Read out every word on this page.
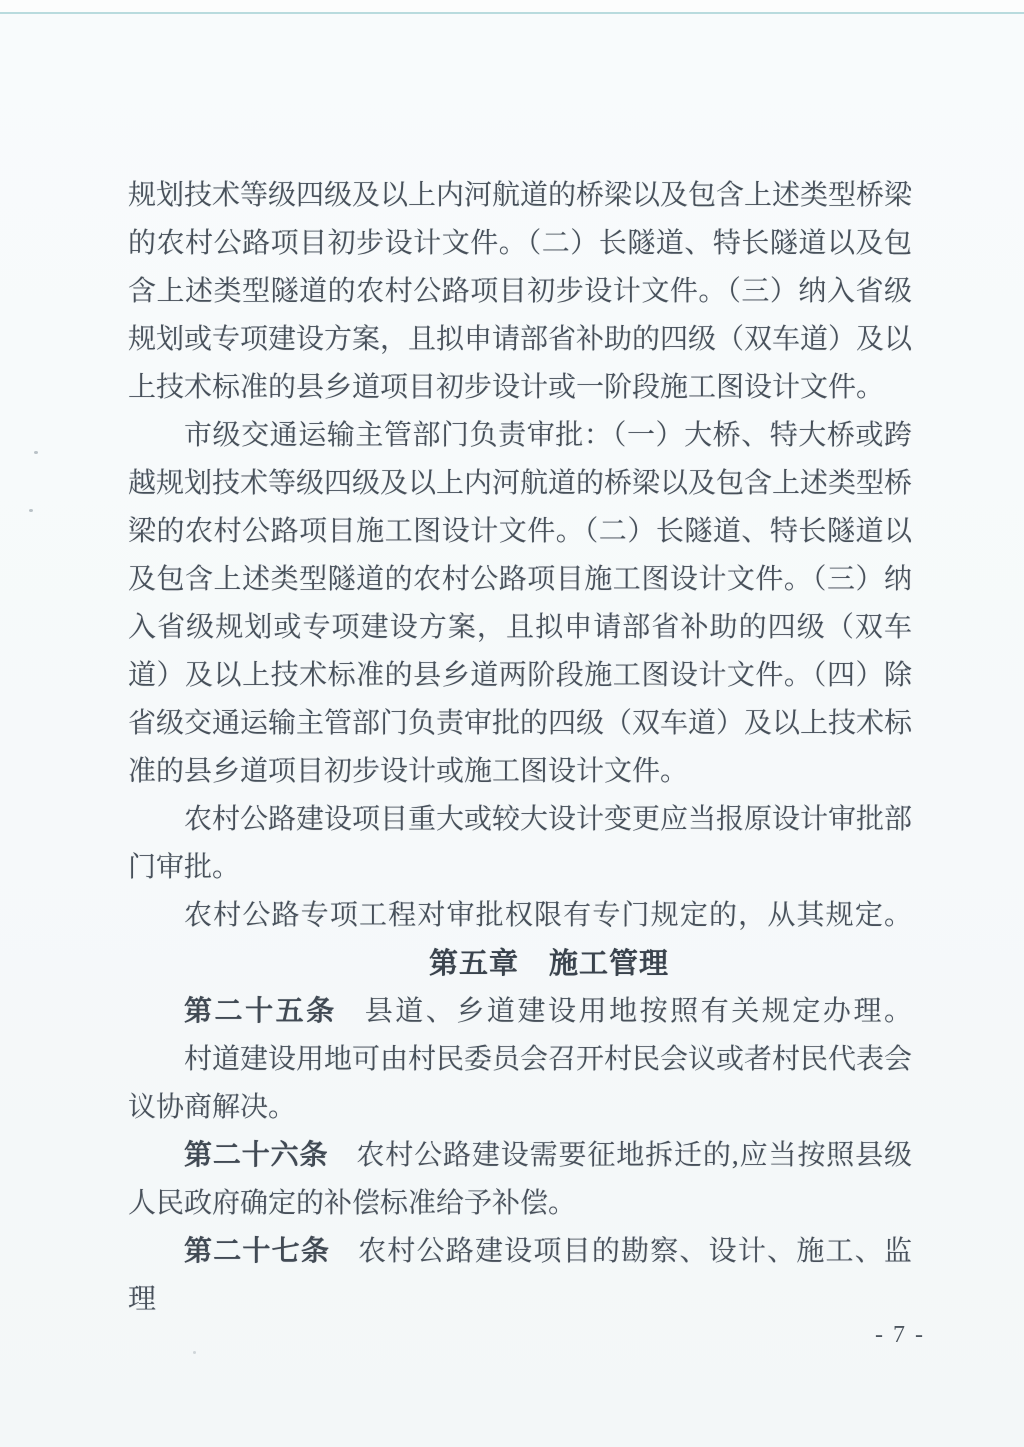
规划技术等级四级及以上内河航道的桥梁以及包含上述类型桥梁的农村公路项目初步设计文件。（二）长隧道、特长隧道以及包含上述类型隧道的农村公路项目初步设计文件。（三）纳入省级规划或专项建设方案，且拟申请部省补助的四级（双车道）及以上技术标准的县乡道项目初步设计或一阶段施工图设计文件。

市级交通运输主管部门负责审批：（一）大桥、特大桥或跨越规划技术等级四级及以上内河航道的桥梁以及包含上述类型桥梁的农村公路项目施工图设计文件。（二）长隧道、特长隧道以及包含上述类型隧道的农村公路项目施工图设计文件。（三）纳入省级规划或专项建设方案，且拟申请部省补助的四级（双车道）及以上技术标准的县乡道两阶段施工图设计文件。（四）除省级交通运输主管部门负责审批的四级（双车道）及以上技术标准的县乡道项目初步设计或施工图设计文件。

农村公路建设项目重大或较大设计变更应当报原设计审批部门审批。

农村公路专项工程对审批权限有专门规定的，从其规定。

第五章　施工管理

第二十五条 县道、乡道建设用地按照有关规定办理。

村道建设用地可由村民委员会召开村民会议或者村民代表会议协商解决。

第二十六条 农村公路建设需要征地拆迁的,应当按照县级人民政府确定的补偿标准给予补偿。

第二十七条 农村公路建设项目的勘察、设计、施工、监理

- 7 -
